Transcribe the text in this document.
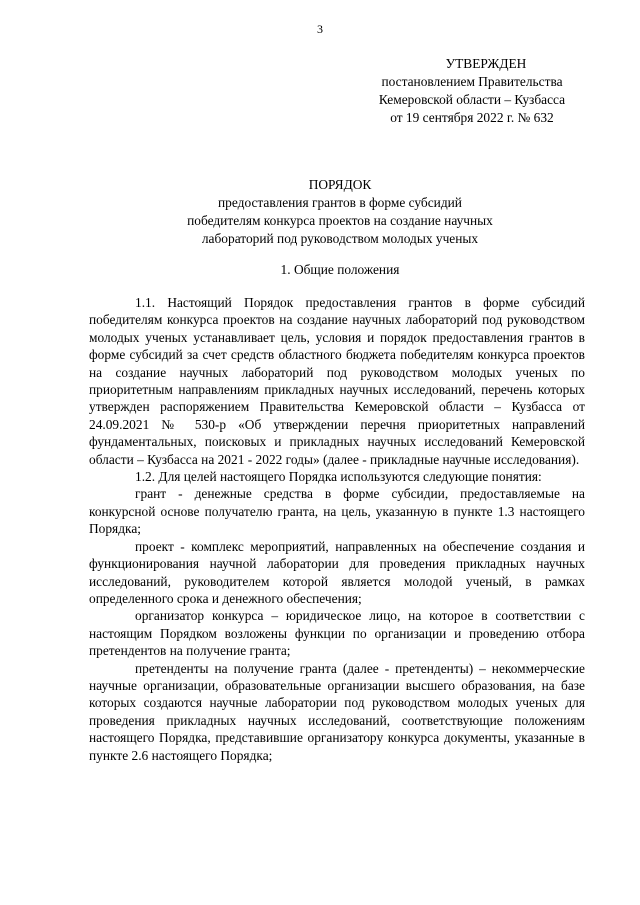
3
УТВЕРЖДЕН
постановлением Правительства
Кемеровской области – Кузбасса
от 19 сентября 2022 г. № 632
ПОРЯДОК
предоставления грантов в форме субсидий
победителям конкурса проектов на создание научных
лабораторий под руководством молодых ученых
1. Общие положения

1.1. Настоящий Порядок предоставления грантов в форме субсидий победителям конкурса проектов на создание научных лабораторий под руководством молодых ученых устанавливает цель, условия и порядок предоставления грантов в форме субсидий за счет средств областного бюджета победителям конкурса проектов на создание научных лабораторий под руководством молодых ученых по приоритетным направлениям прикладных научных исследований, перечень которых утвержден распоряжением Правительства Кемеровской области – Кузбасса от 24.09.2021 № 530-р «Об утверждении перечня приоритетных направлений фундаментальных, поисковых и прикладных научных исследований Кемеровской области – Кузбасса на 2021 - 2022 годы» (далее - прикладные научные исследования).

1.2. Для целей настоящего Порядка используются следующие понятия:

грант - денежные средства в форме субсидии, предоставляемые на конкурсной основе получателю гранта, на цель, указанную в пункте 1.3 настоящего Порядка;

проект - комплекс мероприятий, направленных на обеспечение создания и функционирования научной лаборатории для проведения прикладных научных исследований, руководителем которой является молодой ученый, в рамках определенного срока и денежного обеспечения;

организатор конкурса – юридическое лицо, на которое в соответствии с настоящим Порядком возложены функции по организации и проведению отбора претендентов на получение гранта;

претенденты на получение гранта (далее - претенденты) – некоммерческие научные организации, образовательные организации высшего образования, на базе которых создаются научные лаборатории под руководством молодых ученых для проведения прикладных научных исследований, соответствующие положениям настоящего Порядка, представившие организатору конкурса документы, указанные в пункте 2.6 настоящего Порядка;
